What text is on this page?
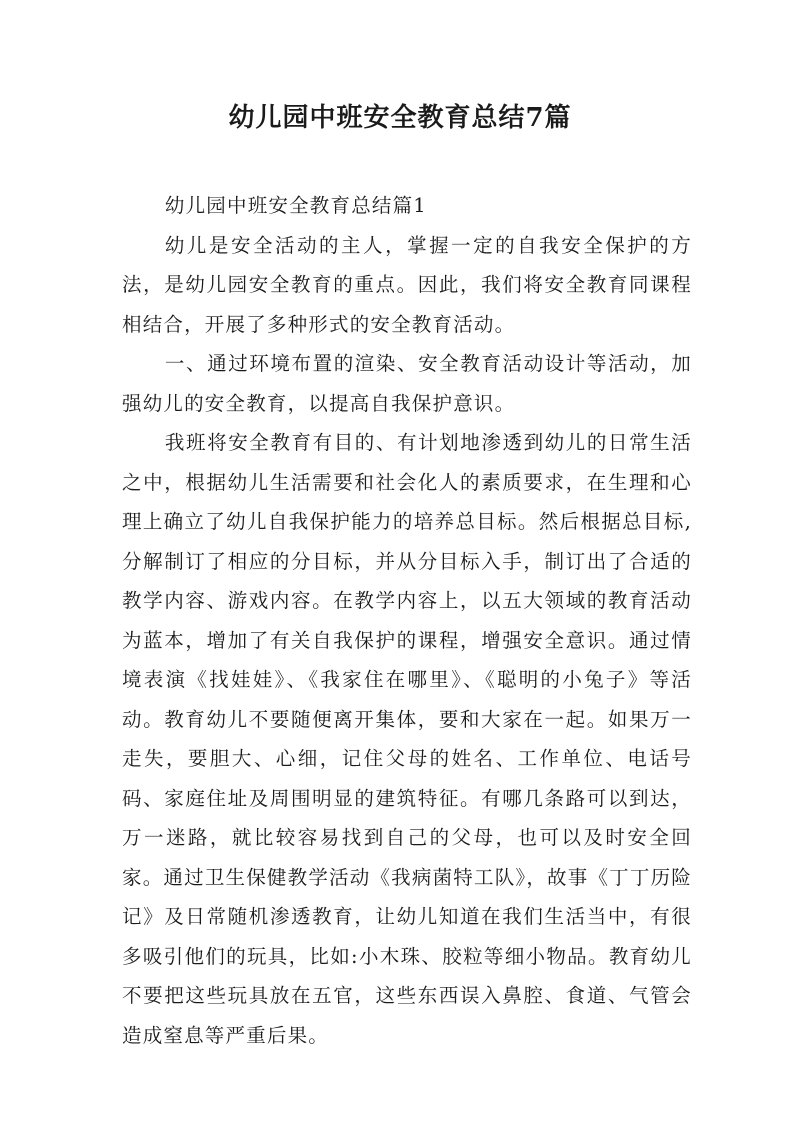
幼儿园中班安全教育总结7篇

幼儿园中班安全教育总结篇1

幼儿是安全活动的主人，掌握一定的自我安全保护的方法，是幼儿园安全教育的重点。因此，我们将安全教育同课程相结合，开展了多种形式的安全教育活动。

一、通过环境布置的渲染、安全教育活动设计等活动，加强幼儿的安全教育，以提高自我保护意识。

我班将安全教育有目的、有计划地渗透到幼儿的日常生活之中，根据幼儿生活需要和社会化人的素质要求，在生理和心理上确立了幼儿自我保护能力的培养总目标。然后根据总目标,分解制订了相应的分目标，并从分目标入手，制订出了合适的教学内容、游戏内容。在教学内容上，以五大领域的教育活动为蓝本，增加了有关自我保护的课程，增强安全意识。通过情境表演《找娃娃》、《我家住在哪里》、《聪明的小兔子》等活动。教育幼儿不要随便离开集体，要和大家在一起。如果万一走失，要胆大、心细，记住父母的姓名、工作单位、电话号码、家庭住址及周围明显的建筑特征。有哪几条路可以到达，万一迷路，就比较容易找到自己的父母，也可以及时安全回家。通过卫生保健教学活动《我病菌特工队》，故事《丁丁历险记》及日常随机渗透教育，让幼儿知道在我们生活当中，有很多吸引他们的玩具，比如:小木珠、胶粒等细小物品。教育幼儿不要把这些玩具放在五官，这些东西误入鼻腔、食道、气管会造成窒息等严重后果。
